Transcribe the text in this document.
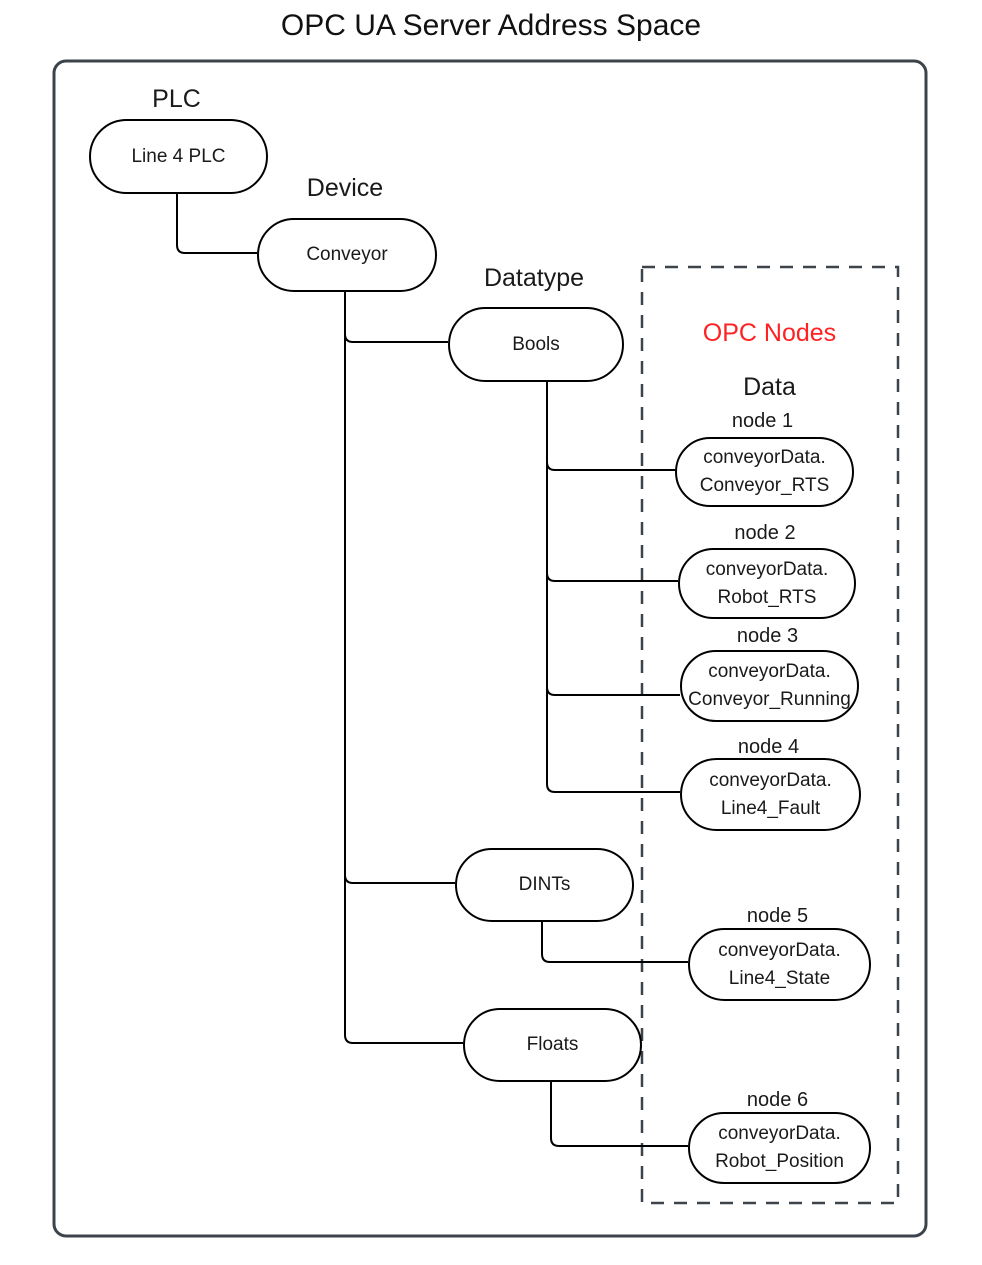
OPC UA Server Address Space
PLC
Device
Datatype
OPC Nodes
Data
Line 4 PLC
Conveyor
Bools
DINTs
Floats
node 1
node 2
node 3
node 4
node 5
node 6
conveyorData.
Conveyor_RTS
conveyorData.
Robot_RTS
conveyorData.
Conveyor_Running
conveyorData.
Line4_Fault
conveyorData.
Line4_State
conveyorData.
Robot_Position
